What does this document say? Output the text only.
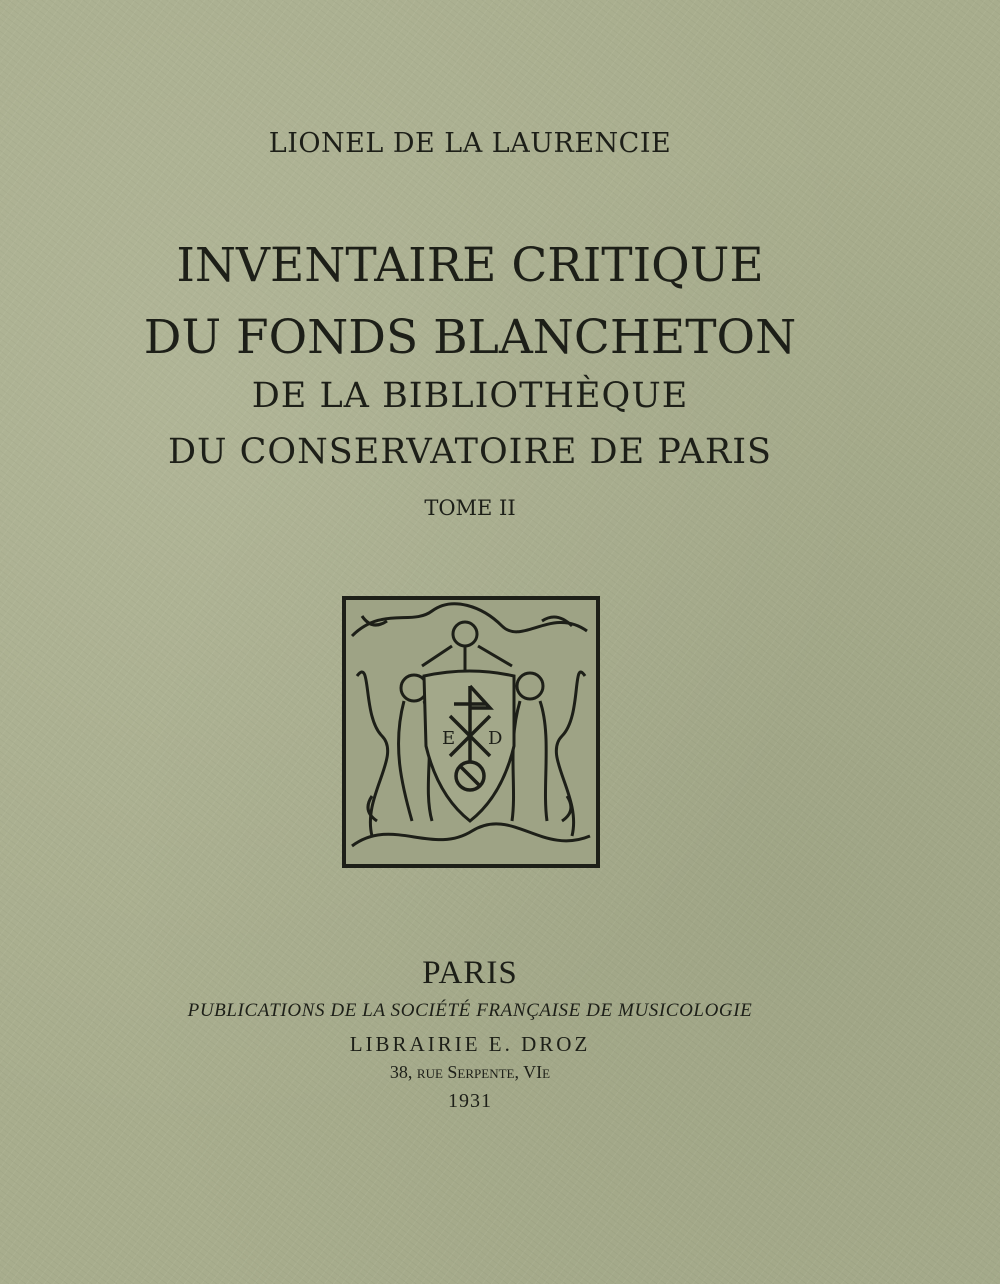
LIONEL DE LA LAURENCIE
INVENTAIRE CRITIQUE
DU FONDS BLANCHETON
DE LA BIBLIOTHÈQUE
DU CONSERVATOIRE DE PARIS
TOME II
E D
PARIS
PUBLICATIONS DE LA SOCIÉTÉ FRANÇAISE DE MUSICOLOGIE
LIBRAIRIE E. DROZ
38, rue Serpente, VIe
1931
